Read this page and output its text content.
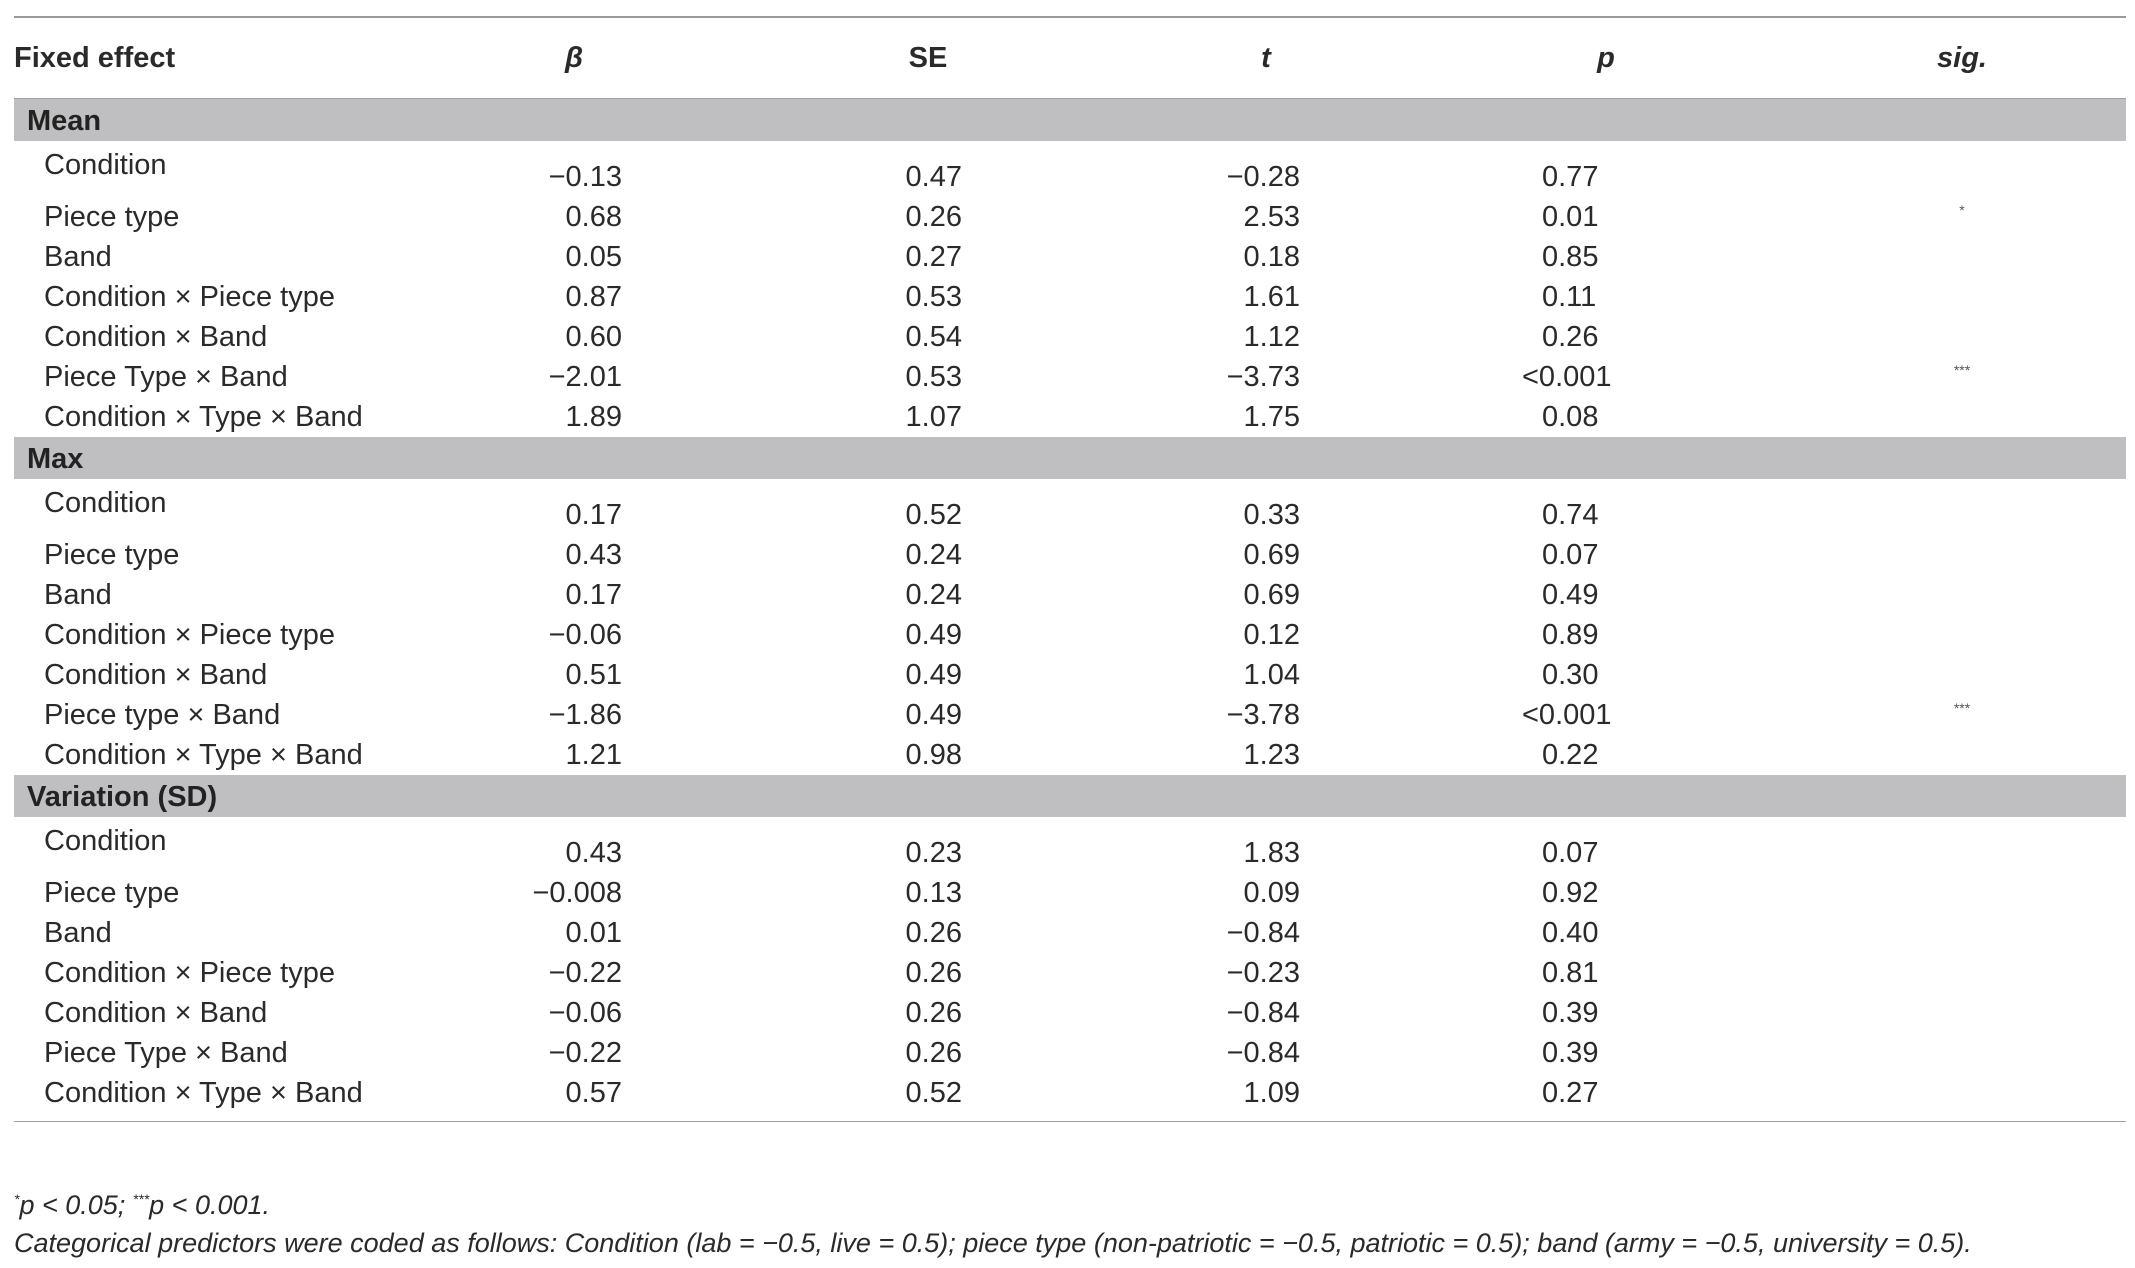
Fixed effect	β	SE	t	p	sig.
Mean
Condition	−0.13	0.47	−0.28	0.77
Piece type	0.68	0.26	2.53	0.01	*
Band	0.05	0.27	0.18	0.85
Condition × Piece type	0.87	0.53	1.61	0.11
Condition × Band	0.60	0.54	1.12	0.26
Piece Type × Band	−2.01	0.53	−3.73	<0.001	***
Condition × Type × Band	1.89	1.07	1.75	0.08
Max
Condition	0.17	0.52	0.33	0.74
Piece type	0.43	0.24	0.69	0.07
Band	0.17	0.24	0.69	0.49
Condition × Piece type	−0.06	0.49	0.12	0.89
Condition × Band	0.51	0.49	1.04	0.30
Piece type × Band	−1.86	0.49	−3.78	<0.001	***
Condition × Type × Band	1.21	0.98	1.23	0.22
Variation (SD)
Condition	0.43	0.23	1.83	0.07
Piece type	−0.008	0.13	0.09	0.92
Band	0.01	0.26	−0.84	0.40
Condition × Piece type	−0.22	0.26	−0.23	0.81
Condition × Band	−0.06	0.26	−0.84	0.39
Piece Type × Band	−0.22	0.26	−0.84	0.39
Condition × Type × Band	0.57	0.52	1.09	0.27
*p < 0.05; ***p < 0.001.
Categorical predictors were coded as follows: Condition (lab = −0.5, live = 0.5); piece type (non-patriotic = −0.5, patriotic = 0.5); band (army = −0.5, university = 0.5).
